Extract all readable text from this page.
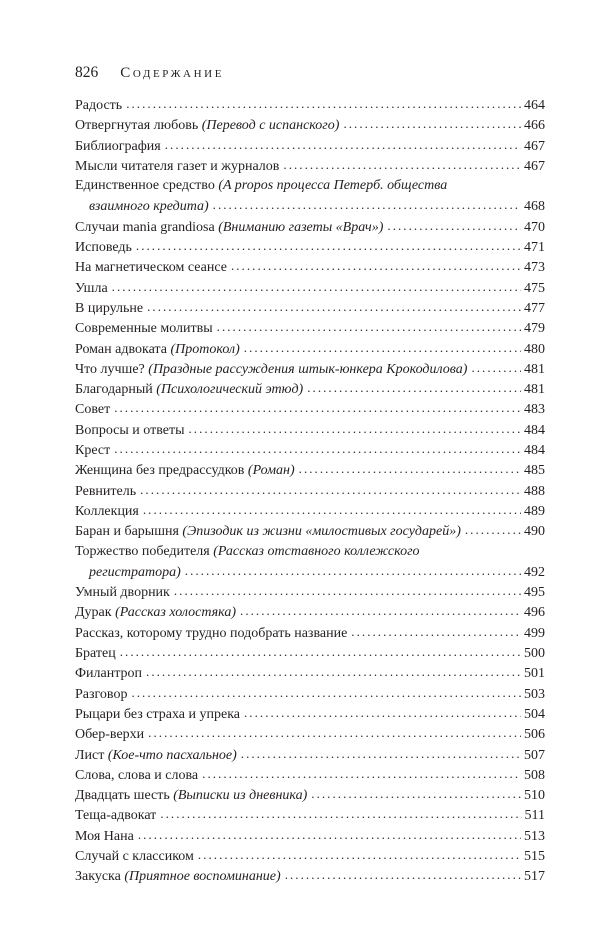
826 Содержание
Радость . . .	464
Отвергнутая любовь (Перевод с испанского) . . .	466
Библиография . . .	467
Мысли читателя газет и журналов . . .	467
Единственное средство (A propos процесса Петерб. общества
взаимного кредита) . . .	468
Случаи mania grandiosa (Вниманию газеты «Врач») . . .	470
Исповедь . . .	471
На магнетическом сеансе . . .	473
Ушла . . .	475
В цирульне . . .	477
Современные молитвы . . .	479
Роман адвоката (Протокол) . . .	480
Что лучше? (Праздные рассуждения штык-юнкера Крокодилова) . . .	481
Благодарный (Психологический этюд) . . .	481
Совет . . .	483
Вопросы и ответы . . .	484
Крест . . .	484
Женщина без предрассудков (Роман) . . .	485
Ревнитель . . .	488
Коллекция . . .	489
Баран и барышня (Эпизодик из жизни «милостивых государей») . . .	490
Торжество победителя (Рассказ отставного коллежского
регистратора) . . .	492
Умный дворник . . .	495
Дурак (Рассказ холостяка) . . .	496
Рассказ, которому трудно подобрать название . . .	499
Братец . . .	500
Филантроп . . .	501
Разговор . . .	503
Рыцари без страха и упрека . . .	504
Обер-верхи . . .	506
Лист (Кое-что пасхальное) . . .	507
Слова, слова и слова . . .	508
Двадцать шесть (Выписки из дневника) . . .	510
Теща-адвокат . . .	511
Моя Нана . . .	513
Случай с классиком . . .	515
Закуска (Приятное воспоминание) . . .	517
